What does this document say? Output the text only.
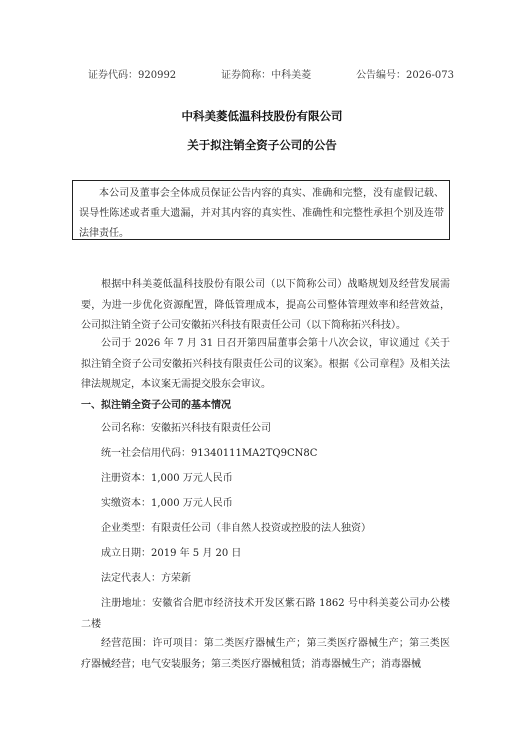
证券代码：920992	证券简称：中科美菱	公告编号：2026-073
中科美菱低温科技股份有限公司
关于拟注销全资子公司的公告
本公司及董事会全体成员保证公告内容的真实、准确和完整，没有虚假记载、误导性陈述或者重大遗漏，并对其内容的真实性、准确性和完整性承担个别及连带法律责任。
根据中科美菱低温科技股份有限公司（以下简称公司）战略规划及经营发展需要，为进一步优化资源配置，降低管理成本，提高公司整体管理效率和经营效益，公司拟注销全资子公司安徽拓兴科技有限责任公司（以下简称拓兴科技）。
公司于 2026 年 7 月 31 日召开第四届董事会第十八次会议，审议通过《关于拟注销全资子公司安徽拓兴科技有限责任公司的议案》。根据《公司章程》及相关法律法规规定，本议案无需提交股东会审议。
一、拟注销全资子公司的基本情况
公司名称：安徽拓兴科技有限责任公司
统一社会信用代码：91340111MA2TQ9CN8C
注册资本：1,000 万元人民币
实缴资本：1,000 万元人民币
企业类型：有限责任公司（非自然人投资或控股的法人独资）
成立日期：2019 年 5 月 20 日
法定代表人：方荣新
注册地址：安徽省合肥市经济技术开发区紫石路 1862 号中科美菱公司办公楼二楼
经营范围：许可项目：第二类医疗器械生产；第三类医疗器械生产；第三类医疗器械经营；电气安装服务；第三类医疗器械租赁；消毒器械生产；消毒器械
